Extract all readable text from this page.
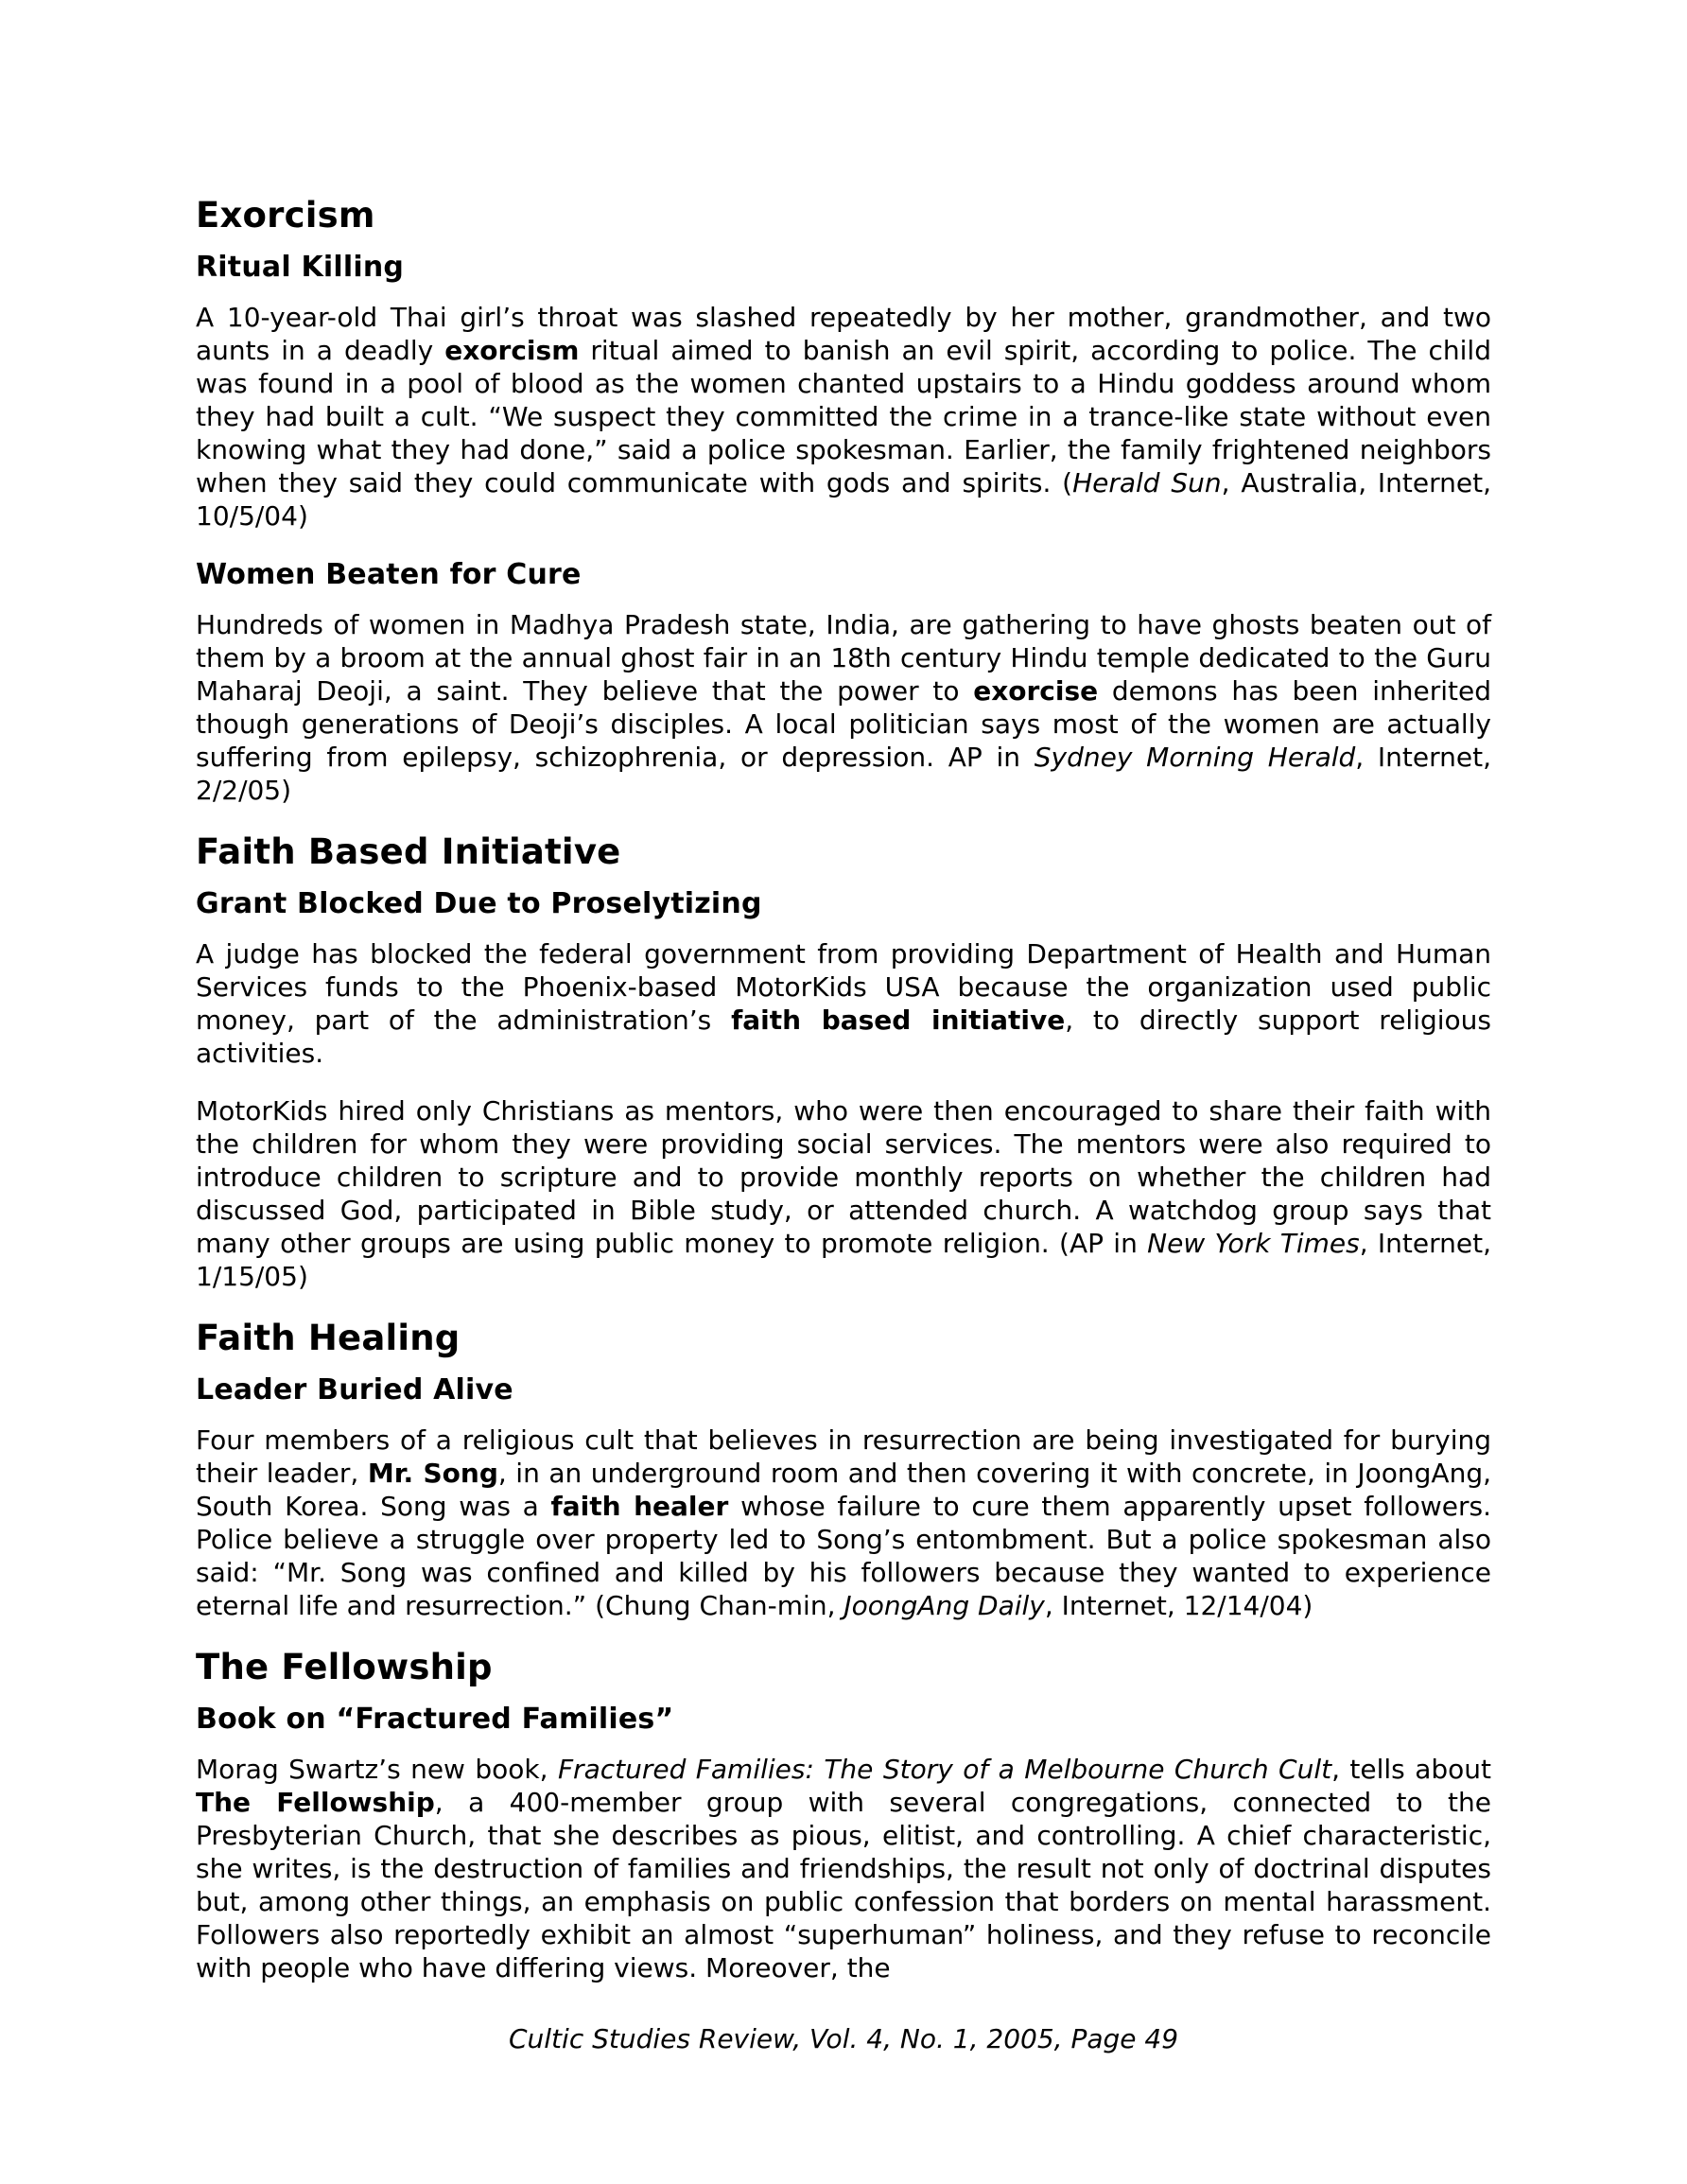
Exorcism
Ritual Killing

A 10-year-old Thai girl’s throat was slashed repeatedly by her mother, grandmother, and two aunts in a deadly exorcism ritual aimed to banish an evil spirit, according to police. The child was found in a pool of blood as the women chanted upstairs to a Hindu goddess around whom they had built a cult. “We suspect they committed the crime in a trance-like state without even knowing what they had done,” said a police spokesman. Earlier, the family frightened neighbors when they said they could communicate with gods and spirits. (Herald Sun, Australia, Internet, 10/5/04)

Women Beaten for Cure

Hundreds of women in Madhya Pradesh state, India, are gathering to have ghosts beaten out of them by a broom at the annual ghost fair in an 18th century Hindu temple dedicated to the Guru Maharaj Deoji, a saint. They believe that the power to exorcise demons has been inherited though generations of Deoji’s disciples. A local politician says most of the women are actually suffering from epilepsy, schizophrenia, or depression. AP in Sydney Morning Herald, Internet, 2/2/05)

Faith Based Initiative
Grant Blocked Due to Proselytizing

A judge has blocked the federal government from providing Department of Health and Human Services funds to the Phoenix-based MotorKids USA because the organization used public money, part of the administration’s faith based initiative, to directly support religious activities.

MotorKids hired only Christians as mentors, who were then encouraged to share their faith with the children for whom they were providing social services. The mentors were also required to introduce children to scripture and to provide monthly reports on whether the children had discussed God, participated in Bible study, or attended church. A watchdog group says that many other groups are using public money to promote religion. (AP in New York Times, Internet, 1/15/05)

Faith Healing
Leader Buried Alive

Four members of a religious cult that believes in resurrection are being investigated for burying their leader, Mr. Song, in an underground room and then covering it with concrete, in JoongAng, South Korea. Song was a faith healer whose failure to cure them apparently upset followers. Police believe a struggle over property led to Song’s entombment. But a police spokesman also said: “Mr. Song was confined and killed by his followers because they wanted to experience eternal life and resurrection.” (Chung Chan-min, JoongAng Daily, Internet, 12/14/04)

The Fellowship
Book on “Fractured Families”

Morag Swartz’s new book, Fractured Families: The Story of a Melbourne Church Cult, tells about The Fellowship, a 400-member group with several congregations, connected to the Presbyterian Church, that she describes as pious, elitist, and controlling. A chief characteristic, she writes, is the destruction of families and friendships, the result not only of doctrinal disputes but, among other things, an emphasis on public confession that borders on mental harassment. Followers also reportedly exhibit an almost “superhuman” holiness, and they refuse to reconcile with people who have differing views. Moreover, the

Cultic Studies Review, Vol. 4, No. 1, 2005, Page 49
